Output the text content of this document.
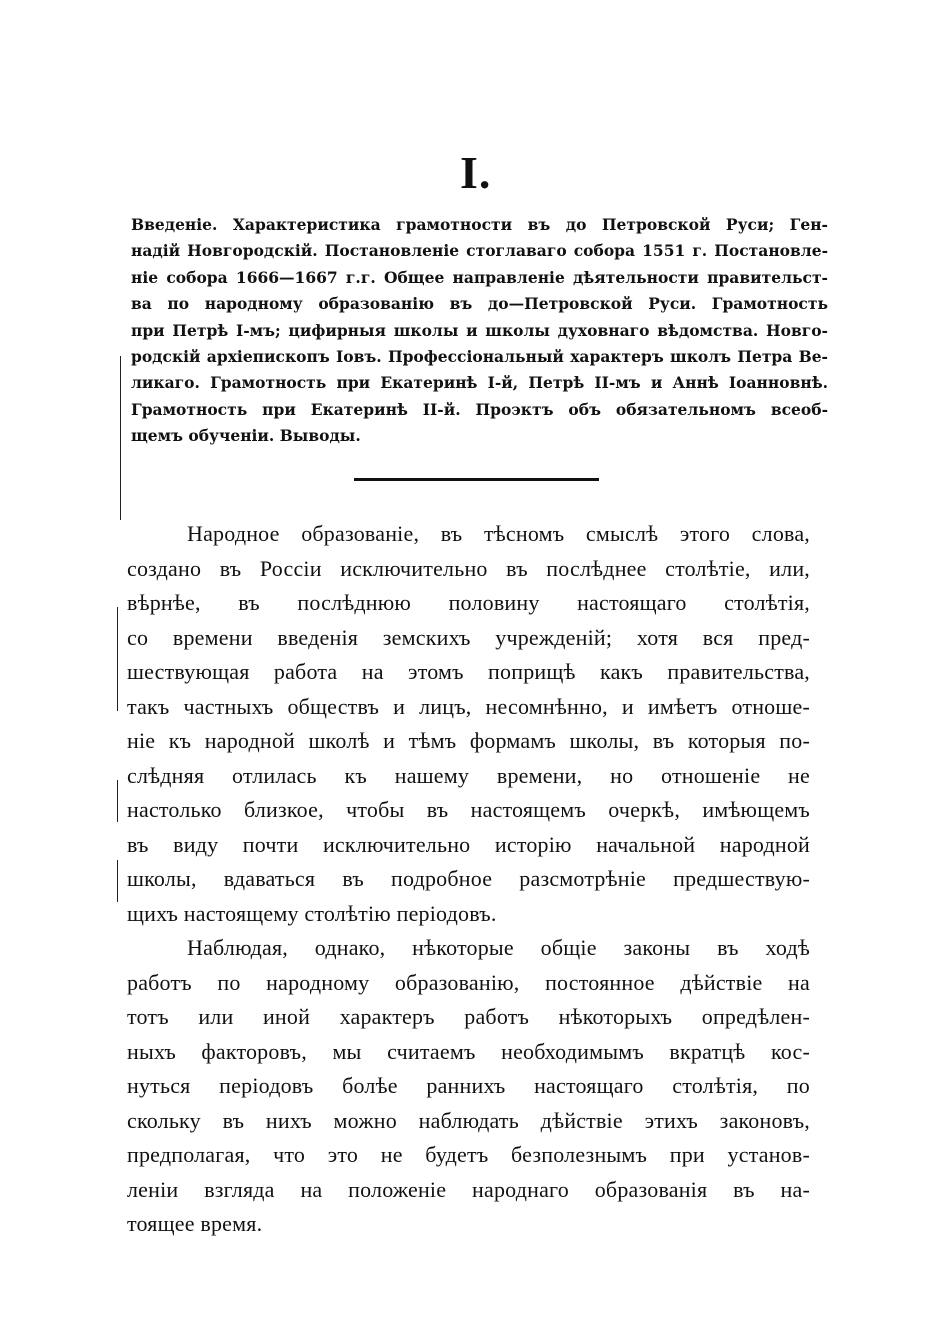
I.
Введеніе. Характеристика грамотности въ до Петровской Руси; Ген-
надій Новгородскій. Постановленіе стоглаваго собора 1551 г. Постановле-
ніе собора 1666—1667 г.г. Общее направленіе дѣятельности правительст-
ва по народному образованію въ до—Петровской Руси. Грамотность
при Петрѣ І-мъ; цифирныя школы и школы духовнаго вѣдомства. Новго-
родскій архіепископъ Іовъ. Профессіональный характеръ школъ Петра Ве-
ликаго. Грамотность при Екатеринѣ І-й, Петрѣ ІІ-мъ и Аннѣ Іоанновнѣ.
Грамотность при Екатеринѣ ІІ-й. Проэктъ объ обязательномъ всеоб-
щемъ обученіи. Выводы.
Народное образованіе, въ тѣсномъ смыслѣ этого слова,
создано въ Россіи исключительно въ послѣднее столѣтіе, или,
вѣрнѣе, въ послѣднюю половину настоящаго столѣтія,
со времени введенія земскихъ учрежденій; хотя вся пред-
шествующая работа на этомъ поприщѣ какъ правительства,
такъ частныхъ обществъ и лицъ, несомнѣнно, и имѣетъ отноше-
ніе къ народной школѣ и тѣмъ формамъ школы, въ которыя по-
слѣдняя отлилась къ нашему времени, но отношеніе не
настолько близкое, чтобы въ настоящемъ очеркѣ, имѣющемъ
въ виду почти исключительно исторію начальной народной
школы, вдаваться въ подробное разсмотрѣніе предшествую-
щихъ настоящему столѣтію періодовъ.
Наблюдая, однако, нѣкоторые общіе законы въ ходѣ
работъ по народному образованію, постоянное дѣйствіе на
тотъ или иной характеръ работъ нѣкоторыхъ опредѣлен-
ныхъ факторовъ, мы считаемъ необходимымъ вкратцѣ кос-
нуться періодовъ болѣе раннихъ настоящаго столѣтія, по
скольку въ нихъ можно наблюдать дѣйствіе этихъ законовъ,
предполагая, что это не будетъ безполезнымъ при установ-
леніи взгляда на положеніе народнаго образованія въ на-
тоящее время.
